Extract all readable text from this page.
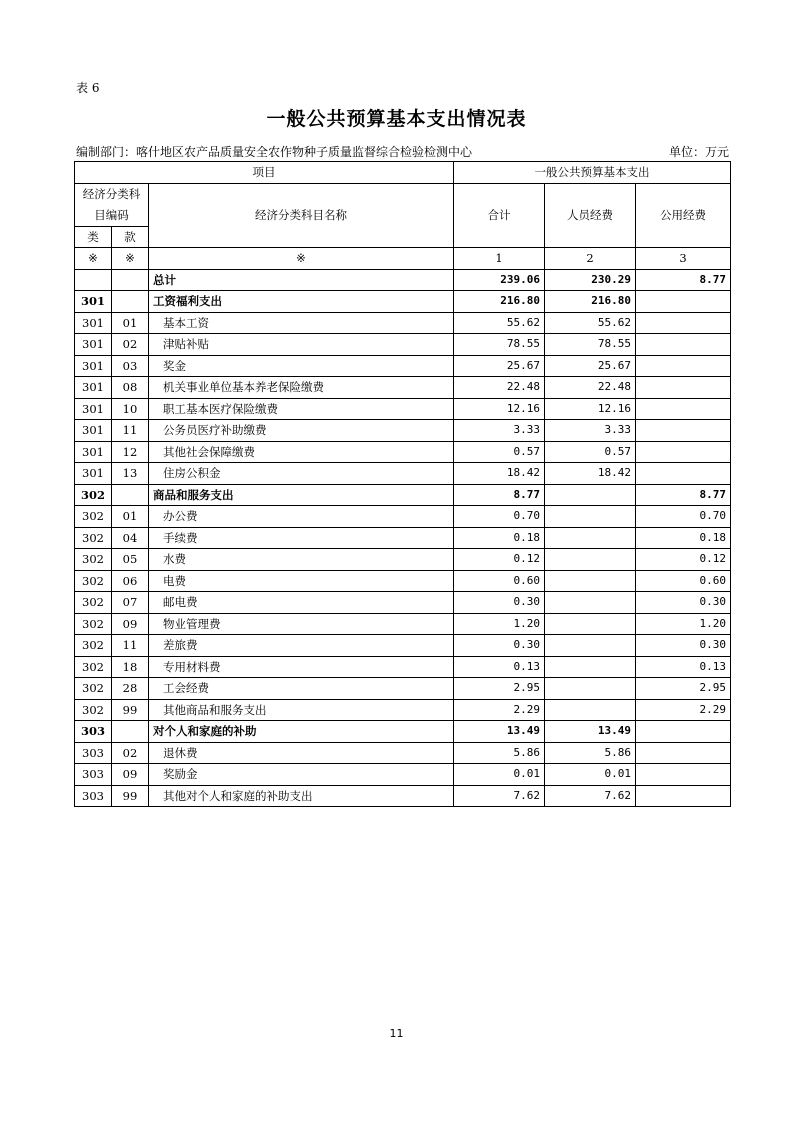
表 6
一般公共预算基本支出情况表
编制部门：喀什地区农产品质量安全农作物种子质量监督综合检验检测中心	单位：万元
项目			一般公共预算基本支出		
经济分类科目编码		经济分类科目名称	合计	人员经费	公用经费
类	款				
※	※	※	1	2	3
		总计	239.06	230.29	8.77
301		工资福利支出	216.80	216.80	
301	01	基本工资	55.62	55.62	
301	02	津贴补贴	78.55	78.55	
301	03	奖金	25.67	25.67	
301	08	机关事业单位基本养老保险缴费	22.48	22.48	
301	10	职工基本医疗保险缴费	12.16	12.16	
301	11	公务员医疗补助缴费	3.33	3.33	
301	12	其他社会保障缴费	0.57	0.57	
301	13	住房公积金	18.42	18.42	
302		商品和服务支出	8.77		8.77
302	01	办公费	0.70		0.70
302	04	手续费	0.18		0.18
302	05	水费	0.12		0.12
302	06	电费	0.60		0.60
302	07	邮电费	0.30		0.30
302	09	物业管理费	1.20		1.20
302	11	差旅费	0.30		0.30
302	18	专用材料费	0.13		0.13
302	28	工会经费	2.95		2.95
302	99	其他商品和服务支出	2.29		2.29
303		对个人和家庭的补助	13.49	13.49	
303	02	退休费	5.86	5.86	
303	09	奖励金	0.01	0.01	
303	99	其他对个人和家庭的补助支出	7.62	7.62	
11
